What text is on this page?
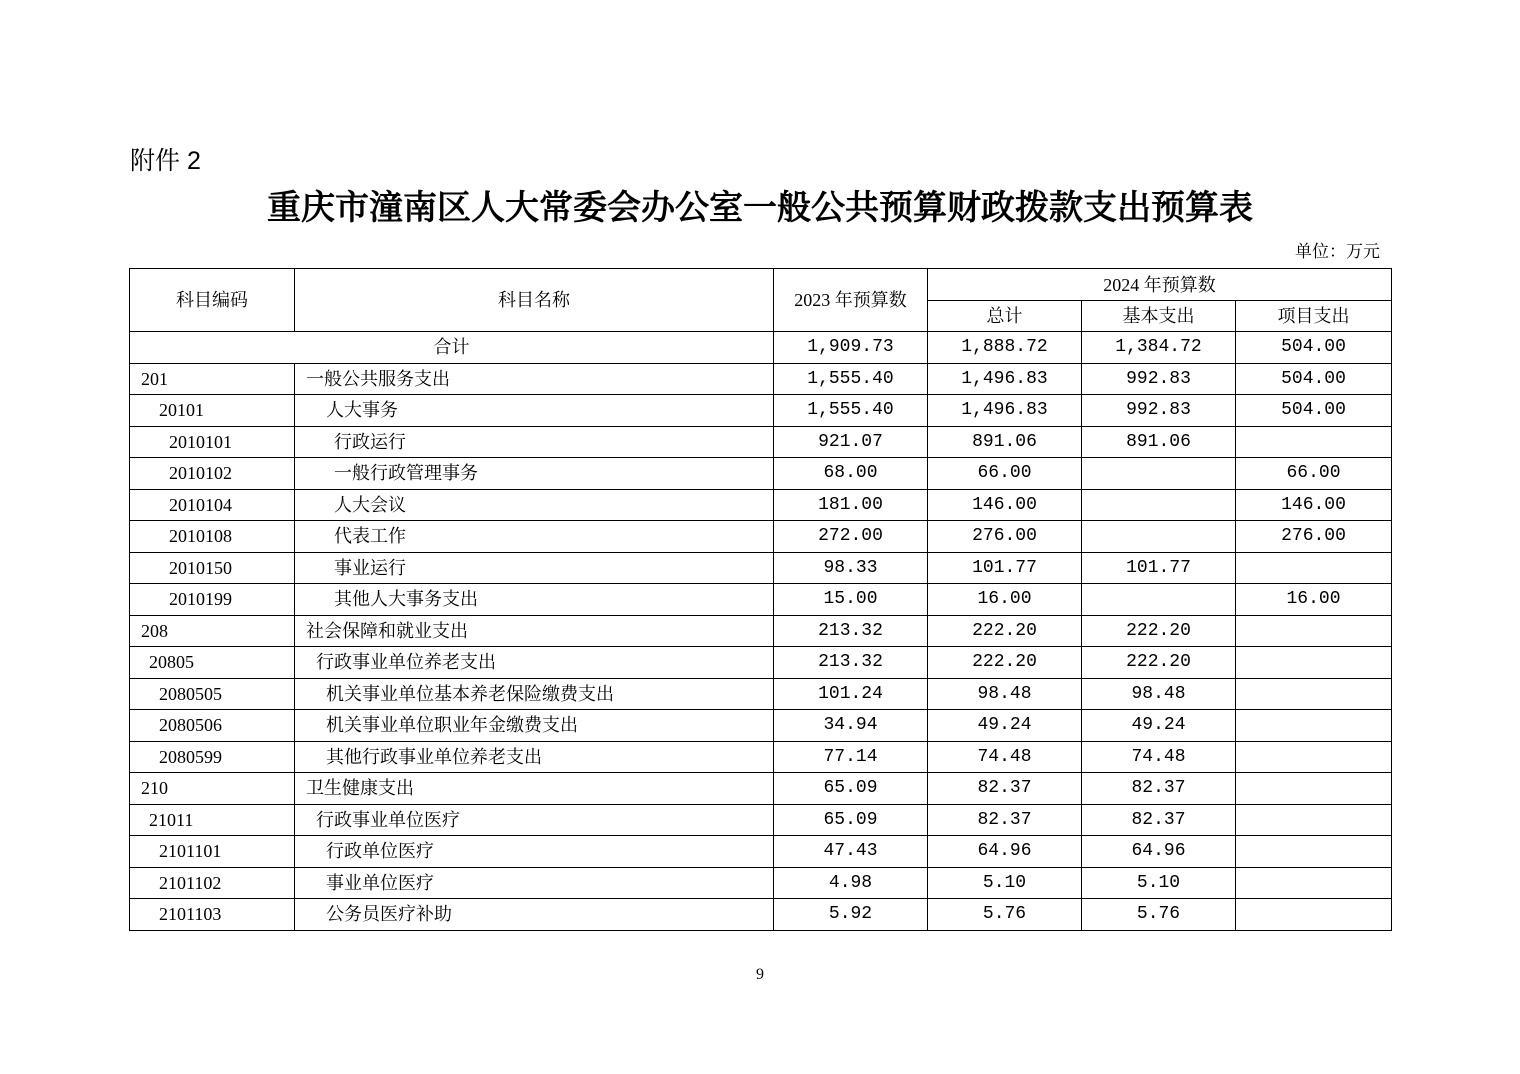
附件 2
重庆市潼南区人大常委会办公室一般公共预算财政拨款支出预算表
单位：万元
科目编码	科目名称	2023 年预算数	2024 年预算数		
			总计	基本支出	项目支出
合计		1,909.73	1,888.72	1,384.72	504.00
201	一般公共服务支出	1,555.40	1,496.83	992.83	504.00
20101	人大事务	1,555.40	1,496.83	992.83	504.00
2010101	行政运行	921.07	891.06	891.06	
2010102	一般行政管理事务	68.00	66.00		66.00
2010104	人大会议	181.00	146.00		146.00
2010108	代表工作	272.00	276.00		276.00
2010150	事业运行	98.33	101.77	101.77	
2010199	其他人大事务支出	15.00	16.00		16.00
208	社会保障和就业支出	213.32	222.20	222.20	
20805	行政事业单位养老支出	213.32	222.20	222.20	
2080505	机关事业单位基本养老保险缴费支出	101.24	98.48	98.48	
2080506	机关事业单位职业年金缴费支出	34.94	49.24	49.24	
2080599	其他行政事业单位养老支出	77.14	74.48	74.48	
210	卫生健康支出	65.09	82.37	82.37	
21011	行政事业单位医疗	65.09	82.37	82.37	
2101101	行政单位医疗	47.43	64.96	64.96	
2101102	事业单位医疗	4.98	5.10	5.10	
2101103	公务员医疗补助	5.92	5.76	5.76	
9
